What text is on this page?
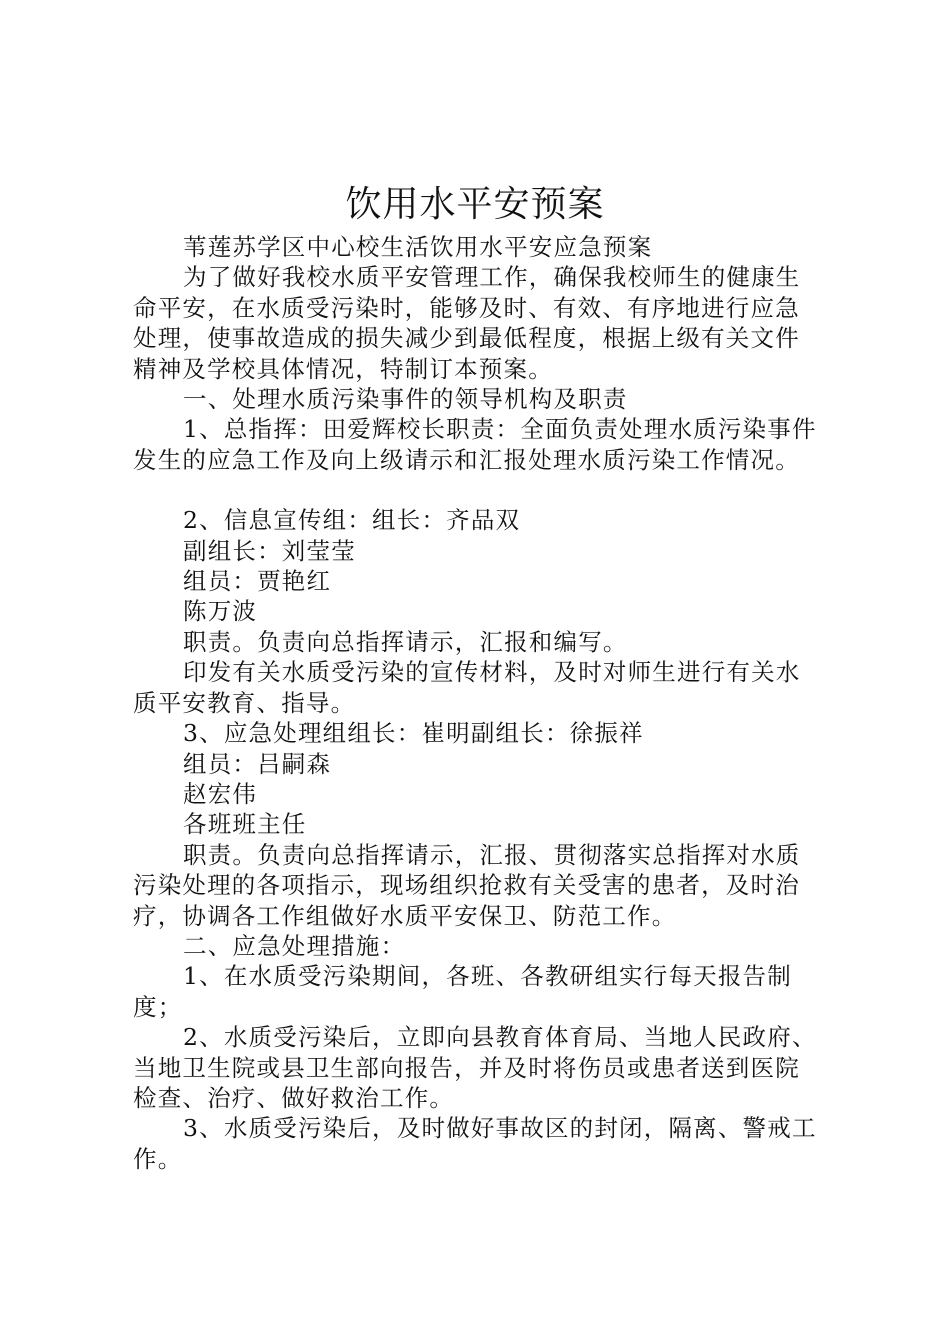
饮用水平安预案

苇莲苏学区中心校生活饮用水平安应急预案

为了做好我校水质平安管理工作，确保我校师生的健康生命平安，在水质受污染时，能够及时、有效、有序地进行应急处理，使事故造成的损失减少到最低程度，根据上级有关文件精神及学校具体情况，特制订本预案。

一、处理水质污染事件的领导机构及职责

1、总指挥：田爱辉校长职责：全面负责处理水质污染事件发生的应急工作及向上级请示和汇报处理水质污染工作情况。

2、信息宣传组：组长：齐品双

副组长：刘莹莹

组员：贾艳红

陈万波

职责。负责向总指挥请示，汇报和编写。

印发有关水质受污染的宣传材料，及时对师生进行有关水质平安教育、指导。

3、应急处理组组长：崔明副组长：徐振祥

组员：吕嗣森

赵宏伟

各班班主任

职责。负责向总指挥请示，汇报、贯彻落实总指挥对水质污染处理的各项指示，现场组织抢救有关受害的患者，及时治疗，协调各工作组做好水质平安保卫、防范工作。

二、应急处理措施：

1、在水质受污染期间，各班、各教研组实行每天报告制度；

2、水质受污染后，立即向县教育体育局、当地人民政府、当地卫生院或县卫生部向报告，并及时将伤员或患者送到医院检查、治疗、做好救治工作。

3、水质受污染后，及时做好事故区的封闭，隔离、警戒工作。
